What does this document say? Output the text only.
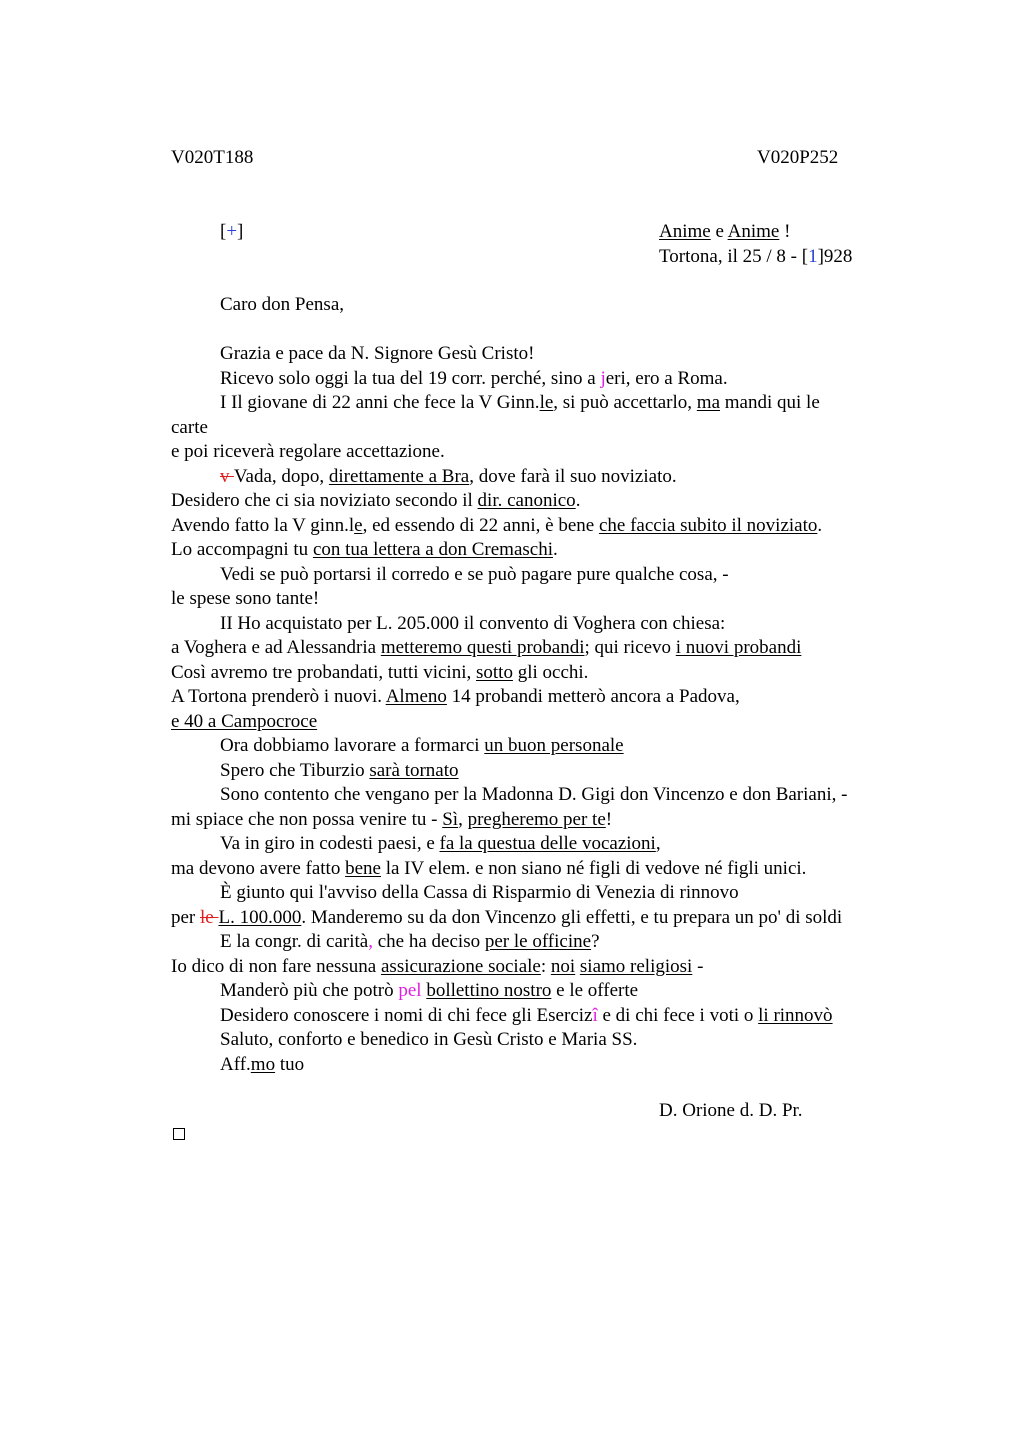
V020T188	V020P252
[+]	Anime e Anime !
Tortona, il 25 / 8 - [1]928
Caro don Pensa,
Grazia e pace da N. Signore Gesù Cristo!
Ricevo solo oggi la tua del 19 corr. perché, sino a jeri, ero a Roma.
I Il giovane di 22 anni che fece la V Ginn.le, si può accettarlo, ma mandi qui le
carte
e poi riceverà regolare accettazione.
v Vada, dopo, direttamente a Bra, dove farà il suo noviziato.
Desidero che ci sia noviziato secondo il dir. canonico.
Avendo fatto la V ginn.le, ed essendo di 22 anni, è bene che faccia subito il noviziato.
Lo accompagni tu con tua lettera a don Cremaschi.
Vedi se può portarsi il corredo e se può pagare pure qualche cosa, -
le spese sono tante!
II Ho acquistato per L. 205.000 il convento di Voghera con chiesa:
a Voghera e ad Alessandria metteremo questi probandi; qui ricevo i nuovi probandi
Così avremo tre probandati, tutti vicini, sotto gli occhi.
A Tortona prenderò i nuovi. Almeno 14 probandi metterò ancora a Padova,
e 40 a Campocroce
Ora dobbiamo lavorare a formarci un buon personale
Spero che Tiburzio sarà tornato
Sono contento che vengano per la Madonna D. Gigi don Vincenzo e don Bariani, -
mi spiace che non possa venire tu - Sì, pregheremo per te!
Va in giro in codesti paesi, e fa la questua delle vocazioni,
ma devono avere fatto bene la IV elem. e non siano né figli di vedove né figli unici.
È giunto qui l'avviso della Cassa di Risparmio di Venezia di rinnovo
per le L. 100.000. Manderemo su da don Vincenzo gli effetti, e tu prepara un po' di soldi
E la congr. di carità, che ha deciso per le officine?
Io dico di non fare nessuna assicurazione sociale: noi siamo religiosi -
Manderò più che potrò pel bollettino nostro e le offerte
Desidero conoscere i nomi di chi fece gli Esercizî e di chi fece i voti o li rinnovò
Saluto, conforto e benedico in Gesù Cristo e Maria SS.
Aff.mo tuo
D. Orione d. D. Pr.
